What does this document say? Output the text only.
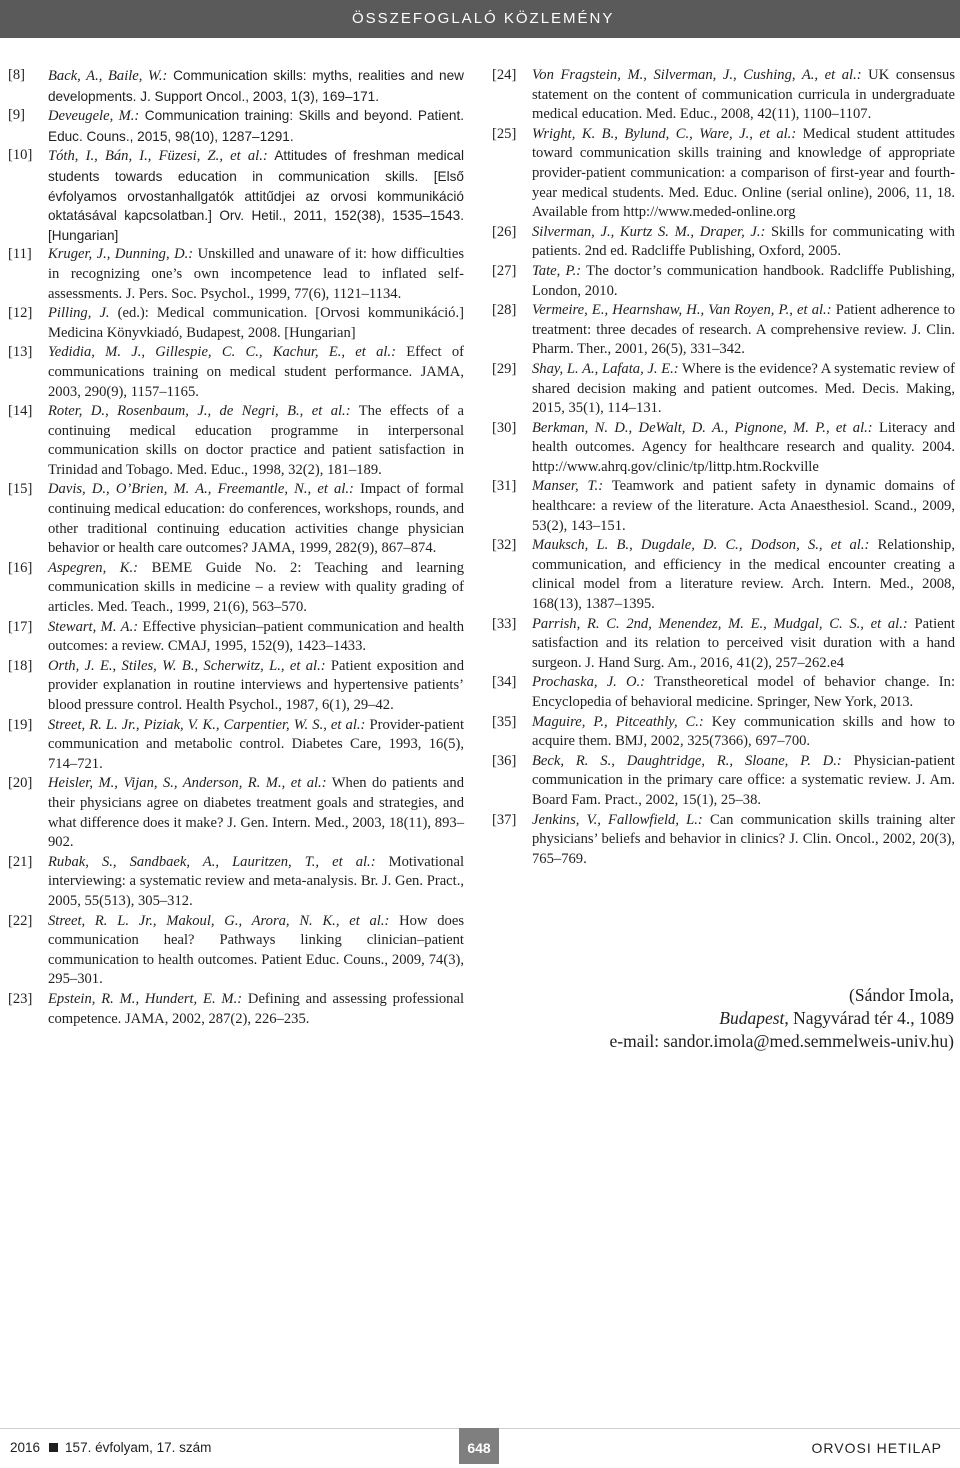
ÖSSZEFOGLALÓ KÖZLEMÉNY

[8]	Back, A., Baile, W.: Communication skills: myths, realities and new developments. J. Support Oncol., 2003, 1(3), 169–171.

[9]	Deveugele, M.: Communication training: Skills and beyond. Patient. Educ. Couns., 2015, 98(10), 1287–1291.

[10]	Tóth, I., Bán, I., Füzesi, Z., et al.: Attitudes of freshman medical students towards education in communication skills. [Első évfolyamos orvostanhallgatók attitűdjei az orvosi kommunikáció oktatásával kapcsolatban.] Orv. Hetil., 2011, 152(38), 1535–1543. [Hungarian]

[11]	Kruger, J., Dunning, D.: Unskilled and unaware of it: how difficulties in recognizing one’s own incompetence lead to inflated self-assessments. J. Pers. Soc. Psychol., 1999, 77(6), 1121–1134.

[12]	Pilling, J. (ed.): Medical communication. [Orvosi kommunikáció.] Medicina Könyvkiadó, Budapest, 2008. [Hungarian]

[13]	Yedidia, M. J., Gillespie, C. C., Kachur, E., et al.: Effect of communications training on medical student performance. JAMA, 2003, 290(9), 1157–1165.

[14]	Roter, D., Rosenbaum, J., de Negri, B., et al.: The effects of a continuing medical education programme in interpersonal communication skills on doctor practice and patient satisfaction in Trinidad and Tobago. Med. Educ., 1998, 32(2), 181–189.

[15]	Davis, D., O’Brien, M. A., Freemantle, N., et al.: Impact of formal continuing medical education: do conferences, workshops, rounds, and other traditional continuing education activities change physician behavior or health care outcomes? JAMA, 1999, 282(9), 867–874.

[16]	Aspegren, K.: BEME Guide No. 2: Teaching and learning communication skills in medicine – a review with quality grading of articles. Med. Teach., 1999, 21(6), 563–570.

[17]	Stewart, M. A.: Effective physician–patient communication and health outcomes: a review. CMAJ, 1995, 152(9), 1423–1433.

[18]	Orth, J. E., Stiles, W. B., Scherwitz, L., et al.: Patient exposition and provider explanation in routine interviews and hypertensive patients’ blood pressure control. Health Psychol., 1987, 6(1), 29–42.

[19]	Street, R. L. Jr., Piziak, V. K., Carpentier, W. S., et al.: Provider-patient communication and metabolic control. Diabetes Care, 1993, 16(5), 714–721.

[20]	Heisler, M., Vijan, S., Anderson, R. M., et al.: When do patients and their physicians agree on diabetes treatment goals and strategies, and what difference does it make? J. Gen. Intern. Med., 2003, 18(11), 893–902.

[21]	Rubak, S., Sandbaek, A., Lauritzen, T., et al.: Motivational interviewing: a systematic review and meta-analysis. Br. J. Gen. Pract., 2005, 55(513), 305–312.

[22]	Street, R. L. Jr., Makoul, G., Arora, N. K., et al.: How does communication heal? Pathways linking clinician–patient communication to health outcomes. Patient Educ. Couns., 2009, 74(3), 295–301.

[23]	Epstein, R. M., Hundert, E. M.: Defining and assessing professional competence. JAMA, 2002, 287(2), 226–235.

[24]	Von Fragstein, M., Silverman, J., Cushing, A., et al.: UK consensus statement on the content of communication curricula in undergraduate medical education. Med. Educ., 2008, 42(11), 1100–1107.

[25]	Wright, K. B., Bylund, C., Ware, J., et al.: Medical student attitudes toward communication skills training and knowledge of appropriate provider-patient communication: a comparison of first-year and fourth-year medical students. Med. Educ. Online (serial online), 2006, 11, 18. Available from http://www.meded-online.org

[26]	Silverman, J., Kurtz S. M., Draper, J.: Skills for communicating with patients. 2nd ed. Radcliffe Publishing, Oxford, 2005.

[27]	Tate, P.: The doctor’s communication handbook. Radcliffe Publishing, London, 2010.

[28]	Vermeire, E., Hearnshaw, H., Van Royen, P., et al.: Patient adherence to treatment: three decades of research. A comprehensive review. J. Clin. Pharm. Ther., 2001, 26(5), 331–342.

[29]	Shay, L. A., Lafata, J. E.: Where is the evidence? A systematic review of shared decision making and patient outcomes. Med. Decis. Making, 2015, 35(1), 114–131.

[30]	Berkman, N. D., DeWalt, D. A., Pignone, M. P., et al.: Literacy and health outcomes. Agency for healthcare research and quality. 2004. http://www.ahrq.gov/clinic/tp/littp.htm.Rockville

[31]	Manser, T.: Teamwork and patient safety in dynamic domains of healthcare: a review of the literature. Acta Anaesthesiol. Scand., 2009, 53(2), 143–151.

[32]	Mauksch, L. B., Dugdale, D. C., Dodson, S., et al.: Relationship, communication, and efficiency in the medical encounter creating a clinical model from a literature review. Arch. Intern. Med., 2008, 168(13), 1387–1395.

[33]	Parrish, R. C. 2nd, Menendez, M. E., Mudgal, C. S., et al.: Patient satisfaction and its relation to perceived visit duration with a hand surgeon. J. Hand Surg. Am., 2016, 41(2), 257–262.e4

[34]	Prochaska, J. O.: Transtheoretical model of behavior change. In: Encyclopedia of behavioral medicine. Springer, New York, 2013.

[35]	Maguire, P., Pitceathly, C.: Key communication skills and how to acquire them. BMJ, 2002, 325(7366), 697–700.

[36]	Beck, R. S., Daughtridge, R., Sloane, P. D.: Physician-patient communication in the primary care office: a systematic review. J. Am. Board Fam. Pract., 2002, 15(1), 25–38.

[37]	Jenkins, V., Fallowfield, L.: Can communication skills training alter physicians’ beliefs and behavior in clinics? J. Clin. Oncol., 2002, 20(3), 765–769.

(Sándor Imola,
Budapest, Nagyvárad tér 4., 1089
e-mail: sandor.imola@med.semmelweis-univ.hu)
2016 157. évfolyam, 17. szám	648	ORVOSI HETILAP
